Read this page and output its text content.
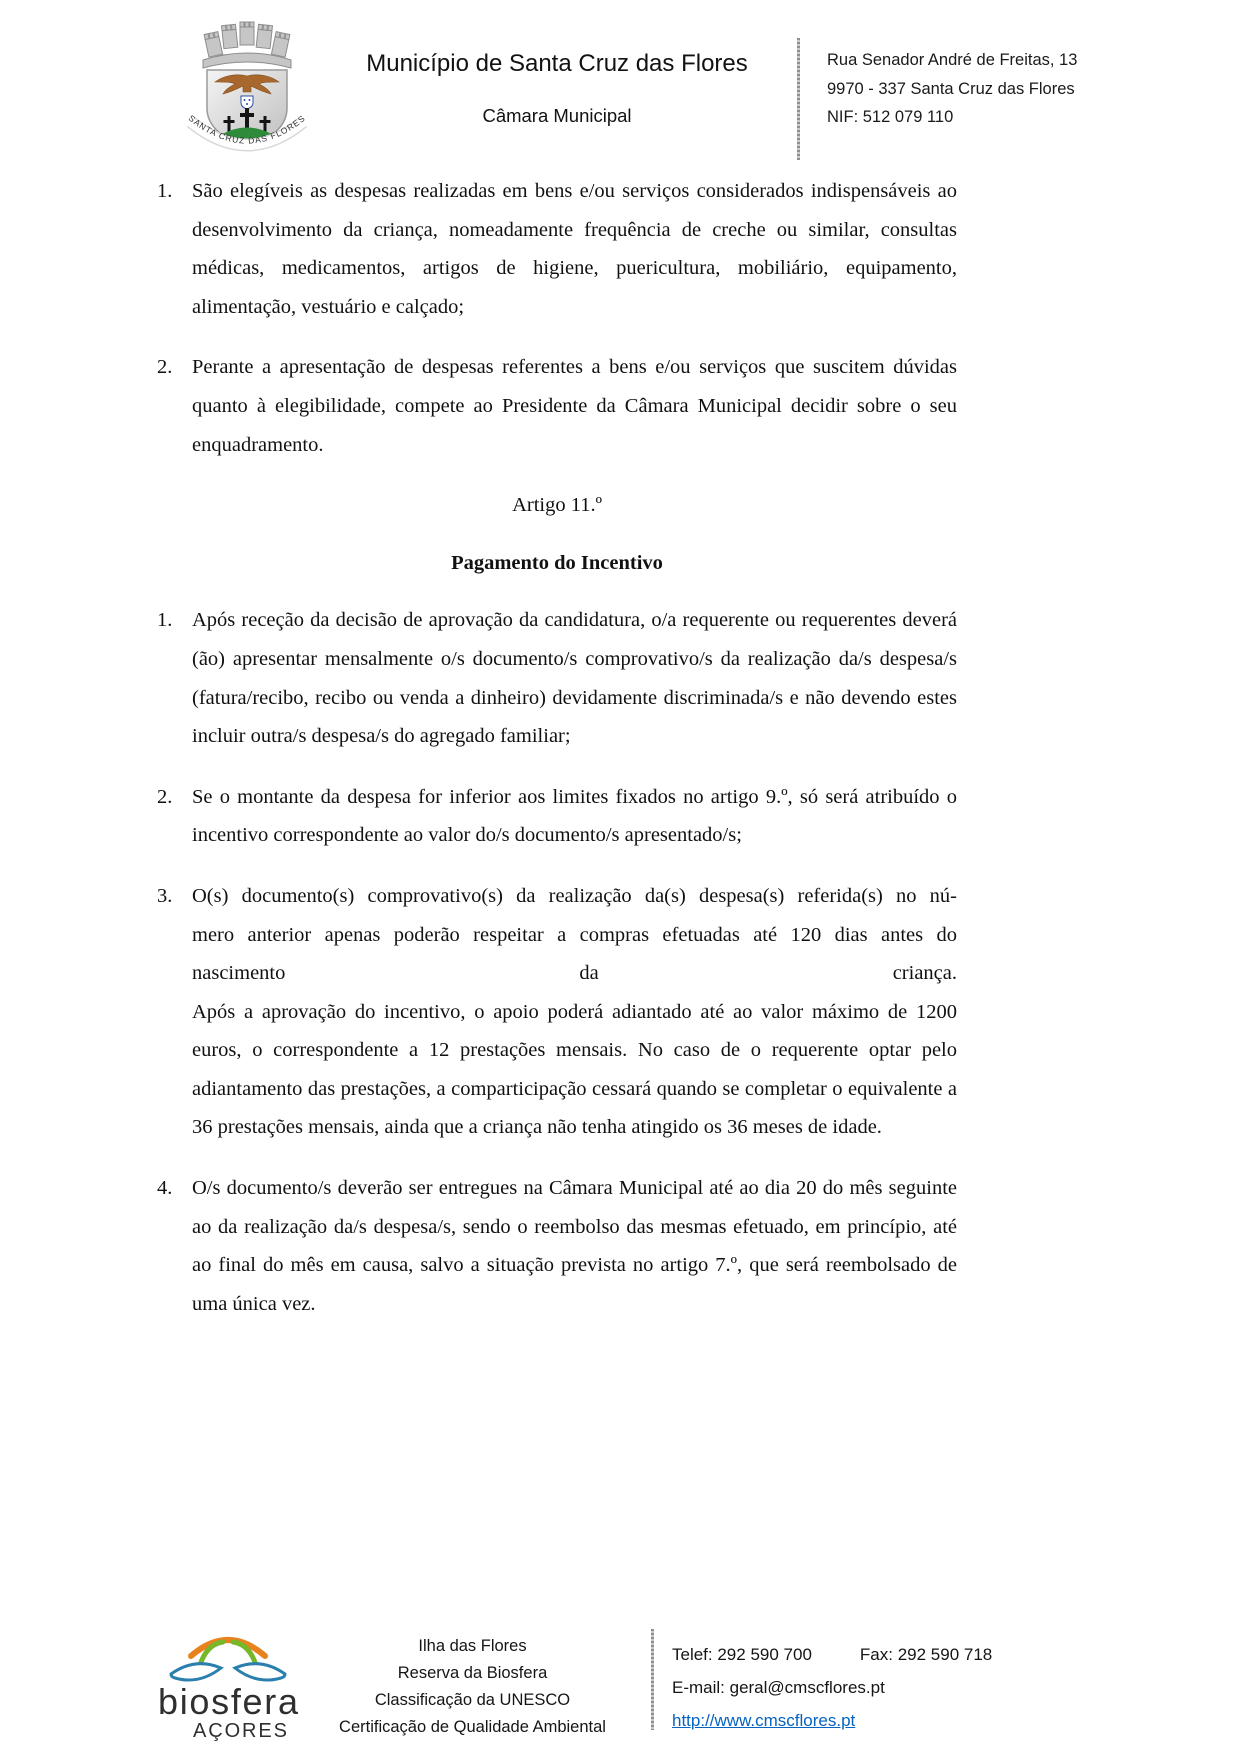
SANTA CRUZ DAS FLORES
Município de Santa Cruz das Flores
Câmara Municipal
Rua Senador André de Freitas, 13
9970 - 337 Santa Cruz das Flores
NIF: 512 079 110
1. São elegíveis as despesas realizadas em bens e/ou serviços considerados indispensáveis ao desenvolvimento da criança, nomeadamente frequência de creche ou similar, consultas médicas, medicamentos, artigos de higiene, puericultura, mobiliário, equipamento, alimentação, vestuário e calçado;
2. Perante a apresentação de despesas referentes a bens e/ou serviços que suscitem dúvidas quanto à elegibilidade, compete ao Presidente da Câmara Municipal decidir sobre o seu enquadramento.
Artigo 11.º
Pagamento do Incentivo
1. Após receção da decisão de aprovação da candidatura, o/a requerente ou requerentes deverá (ão) apresentar mensalmente o/s documento/s comprovativo/s da realização da/s despesa/s (fatura/recibo, recibo ou venda a dinheiro) devidamente discriminada/s e não devendo estes incluir outra/s despesa/s do agregado familiar;
2. Se o montante da despesa for inferior aos limites fixados no artigo 9.º, só será atribuído o incentivo correspondente ao valor do/s documento/s apresentado/s;
3. O(s) documento(s) comprovativo(s) da realização da(s) despesa(s) referida(s) no nú-
mero anterior apenas poderão respeitar a compras efetuadas até 120 dias antes do
nascimento da criança.
Após a aprovação do incentivo, o apoio poderá adiantado até ao valor máximo de 1200 euros, o correspondente a 12 prestações mensais. No caso de o requerente optar pelo adiantamento das prestações, a comparticipação cessará quando se completar o equivalente a 36 prestações mensais, ainda que a criança não tenha atingido os 36 meses de idade.
4. O/s documento/s deverão ser entregues na Câmara Municipal até ao dia 20 do mês seguinte ao da realização da/s despesa/s, sendo o reembolso das mesmas efetuado, em princípio, até ao final do mês em causa, salvo a situação prevista no artigo 7.º, que será reembolsado de uma única vez.
biosfera
AÇORES
Ilha das Flores
Reserva da Biosfera
Classificação da UNESCO
Certificação de Qualidade Ambiental
Telef: 292 590 700	Fax: 292 590 718
E-mail: geral@cmscflores.pt
http://www.cmscflores.pt
